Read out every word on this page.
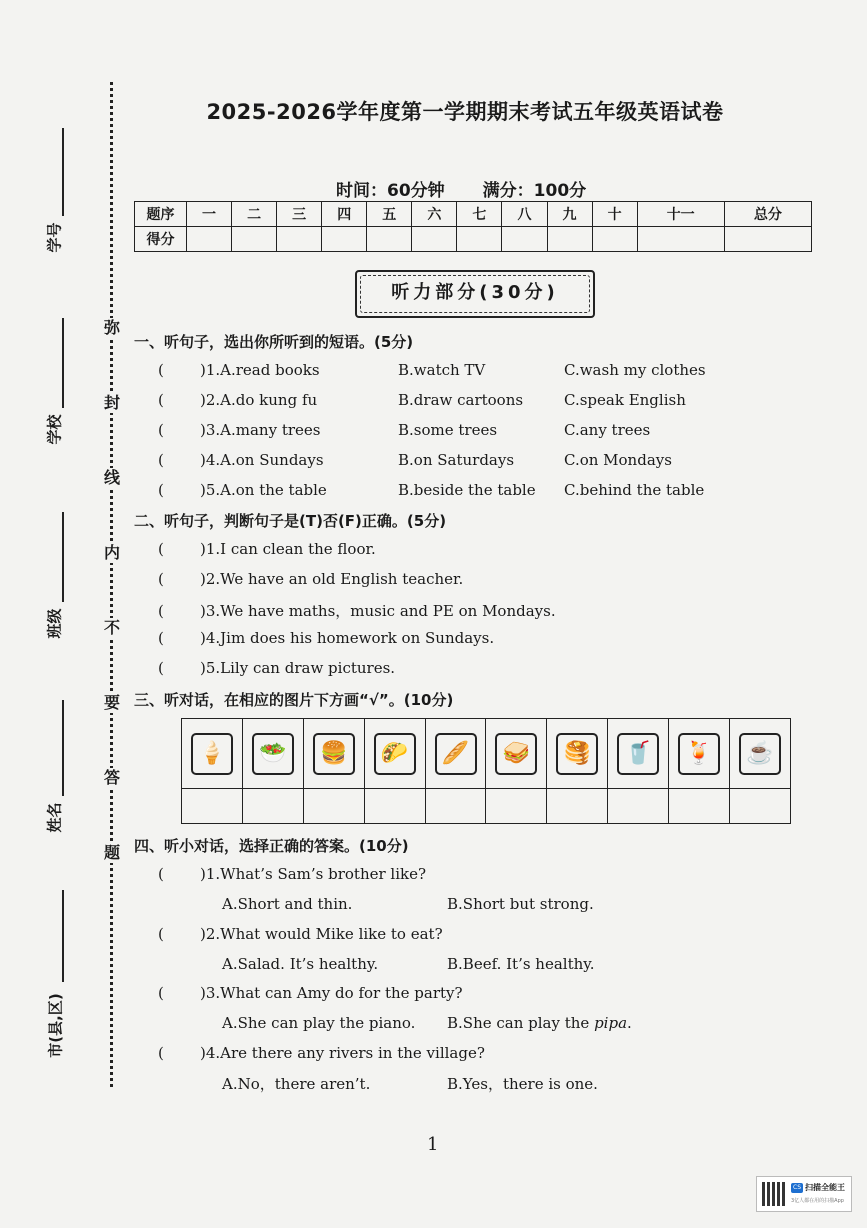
学号
学校
班级
姓名
市(县,区)
弥
封
线
内
不
要
答
题
2025-2026学年度第一学期期末考试五年级英语试卷
时间：60分钟 满分：100分
题序	一	二	三	四	五	六	七	八	九	十	十一	总分
得分												
听力部分(30分)
一、听句子，选出你所听到的短语。(5分)
( )1.A.read books	B.watch TV	C.wash my clothes
( )2.A.do kung fu	B.draw cartoons	C.speak English
( )3.A.many trees	B.some trees	C.any trees
( )4.A.on Sundays	B.on Saturdays	C.on Mondays
( )5.A.on the table	B.beside the table C.behind the table
二、听句子，判断句子是(T)否(F)正确。(5分)
( )1.I can clean the floor.
( )2.We have an old English teacher.
( )3.We have maths，music and PE on Mondays.
( )4.Jim does his homework on Sundays.
( )5.Lily can draw pictures.
三、听对话，在相应的图片下方画“√”。(10分)
🍦	🥗	🍔	🌮	🥖	🥪	🥞	🥤	🍹	☕

四、听小对话，选择正确的答案。(10分)
( )1.What’s Sam’s brother like?
A.Short and thin.	B.Short but strong.
( )2.What would Mike like to eat?
A.Salad. It’s healthy.	B.Beef. It’s healthy.
( )3.What can Amy do for the party?
A.She can play the piano. B.She can play the pipa.
( )4.Are there any rivers in the village?
A.No，there aren’t.	B.Yes，there is one.
1
CS 扫描全能王
3亿人都在用的扫描App
